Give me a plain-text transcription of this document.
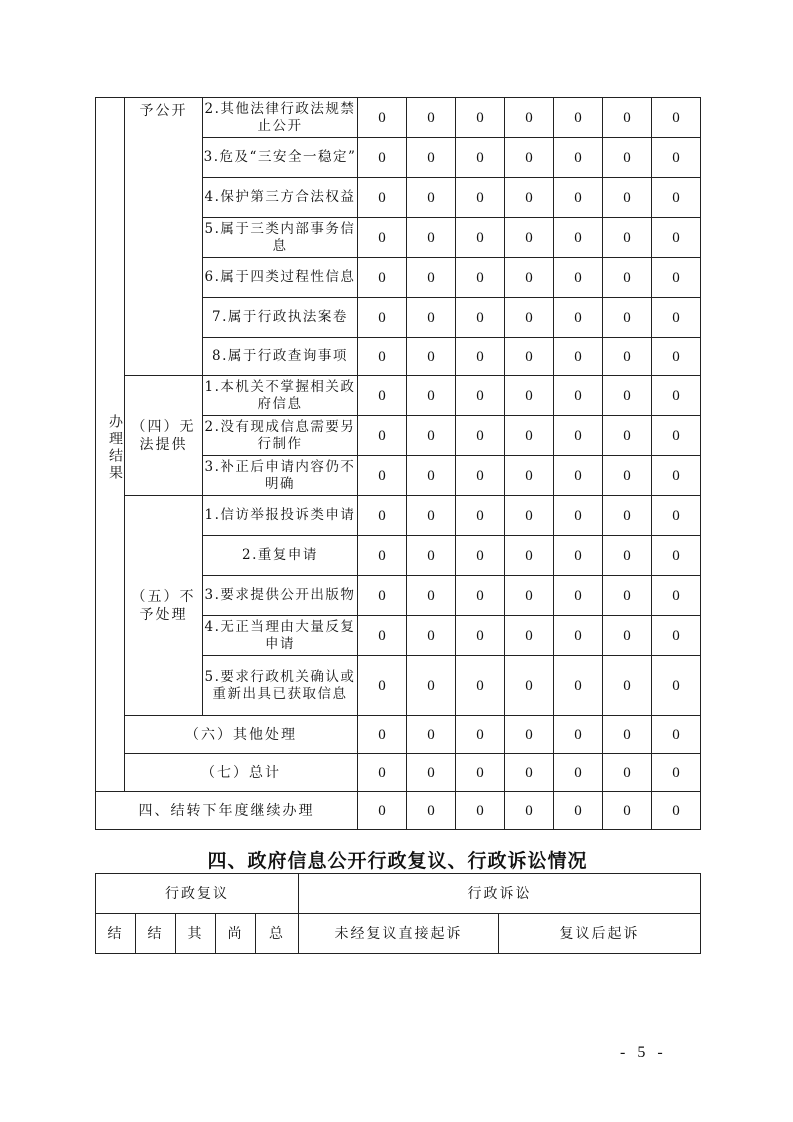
办理结果	予公开	2.其他法律行政法规禁止公开	0	0	0	0	0	0	0
		3.危及“三安全一稳定”	0	0	0	0	0	0	0
		4.保护第三方合法权益	0	0	0	0	0	0	0
		5.属于三类内部事务信息	0	0	0	0	0	0	0
		6.属于四类过程性信息	0	0	0	0	0	0	0
		7.属于行政执法案卷	0	0	0	0	0	0	0
		8.属于行政查询事项	0	0	0	0	0	0	0
	（四）无法提供	1.本机关不掌握相关政府信息	0	0	0	0	0	0	0
		2.没有现成信息需要另行制作	0	0	0	0	0	0	0
		3.补正后申请内容仍不明确	0	0	0	0	0	0	0
	（五）不予处理	1.信访举报投诉类申请	0	0	0	0	0	0	0
		2.重复申请	0	0	0	0	0	0	0
		3.要求提供公开出版物	0	0	0	0	0	0	0
		4.无正当理由大量反复申请	0	0	0	0	0	0	0
		5.要求行政机关确认或重新出具已获取信息	0	0	0	0	0	0	0
	（六）其他处理		0	0	0	0	0	0	0
	（七）总计		0	0	0	0	0	0	0
四、结转下年度继续办理			0	0	0	0	0	0	0
四、政府信息公开行政复议、行政诉讼情况
行政复议					行政诉讼	
结	结	其	尚	总	未经复议直接起诉	复议后起诉
- 5 -
